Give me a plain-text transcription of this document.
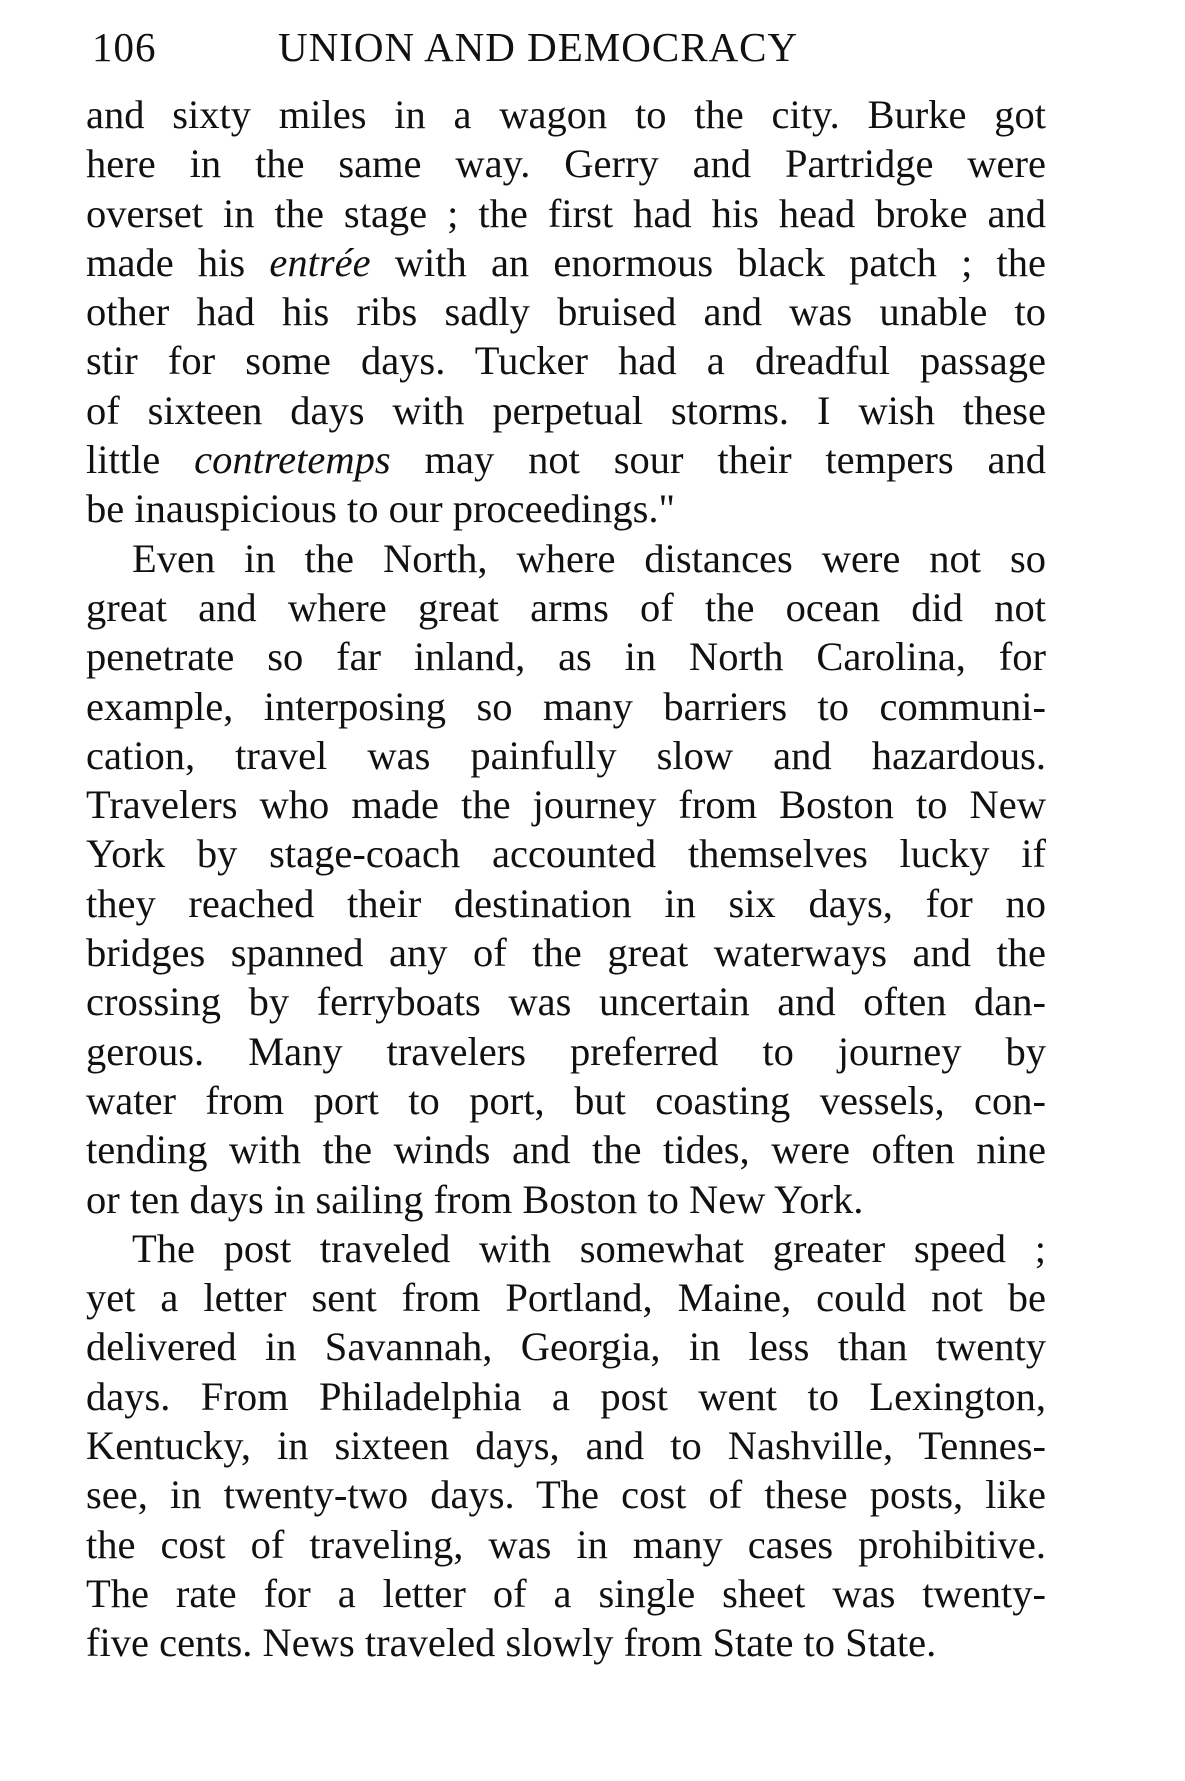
106	UNION AND DEMOCRACY
and sixty miles in a wagon to the city. Burke got
here in the same way. Gerry and Partridge were
overset in the stage ; the first had his head broke and
made his entrée with an enormous black patch ; the
other had his ribs sadly bruised and was unable to
stir for some days. Tucker had a dreadful passage
of sixteen days with perpetual storms. I wish these
little contretemps may not sour their tempers and
be inauspicious to our proceedings."
Even in the North, where distances were not so
great and where great arms of the ocean did not
penetrate so far inland, as in North Carolina, for
example, interposing so many barriers to communi-
cation, travel was painfully slow and hazardous.
Travelers who made the journey from Boston to New
York by stage-coach accounted themselves lucky if
they reached their destination in six days, for no
bridges spanned any of the great waterways and the
crossing by ferryboats was uncertain and often dan-
gerous. Many travelers preferred to journey by
water from port to port, but coasting vessels, con-
tending with the winds and the tides, were often nine
or ten days in sailing from Boston to New York.
The post traveled with somewhat greater speed ;
yet a letter sent from Portland, Maine, could not be
delivered in Savannah, Georgia, in less than twenty
days. From Philadelphia a post went to Lexington,
Kentucky, in sixteen days, and to Nashville, Tennes-
see, in twenty-two days. The cost of these posts, like
the cost of traveling, was in many cases prohibitive.
The rate for a letter of a single sheet was twenty-
five cents. News traveled slowly from State to State.
